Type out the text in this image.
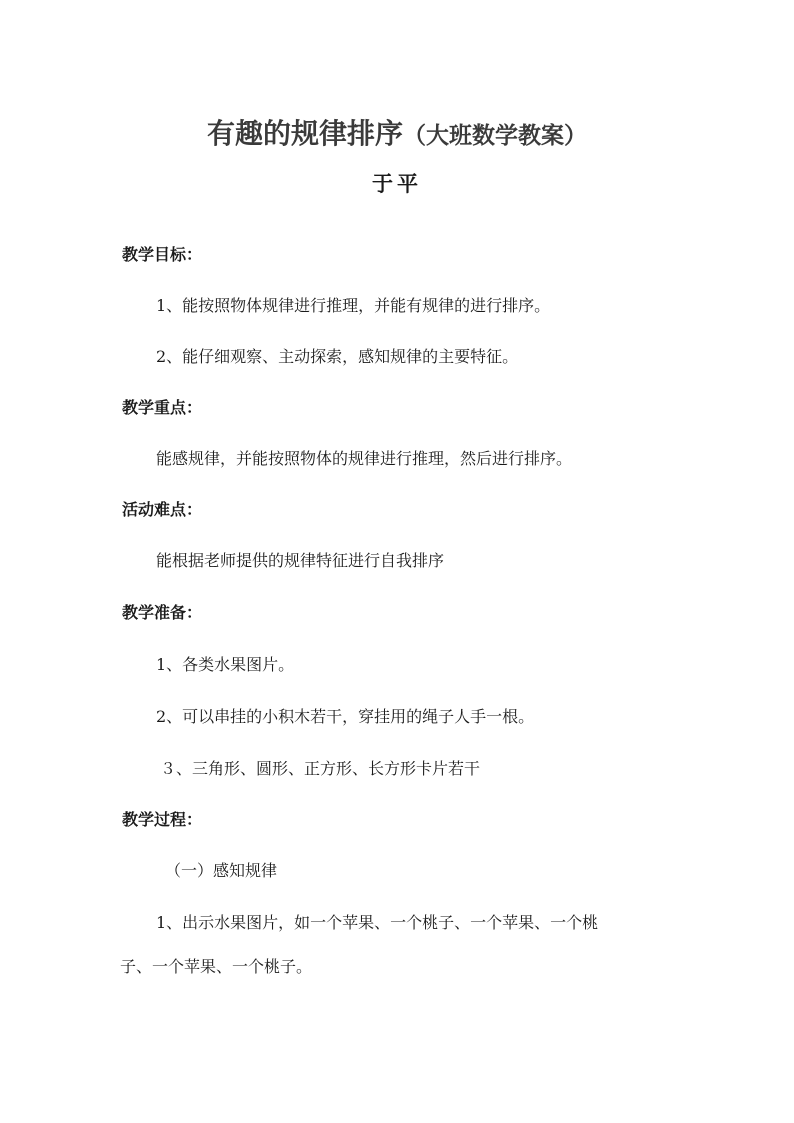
有趣的规律排序（大班数学教案）
于平
教学目标：
1、能按照物体规律进行推理，并能有规律的进行排序。
2、能仔细观察、主动探索，感知规律的主要特征。
教学重点：
能感规律，并能按照物体的规律进行推理，然后进行排序。
活动难点：
能根据老师提供的规律特征进行自我排序
教学准备：
1、各类水果图片。
2、可以串挂的小积木若干，穿挂用的绳子人手一根。
３、三角形、圆形、正方形、长方形卡片若干
教学过程：
（一）感知规律
1、出示水果图片，如一个苹果、一个桃子、一个苹果、一个桃
子、一个苹果、一个桃子。
